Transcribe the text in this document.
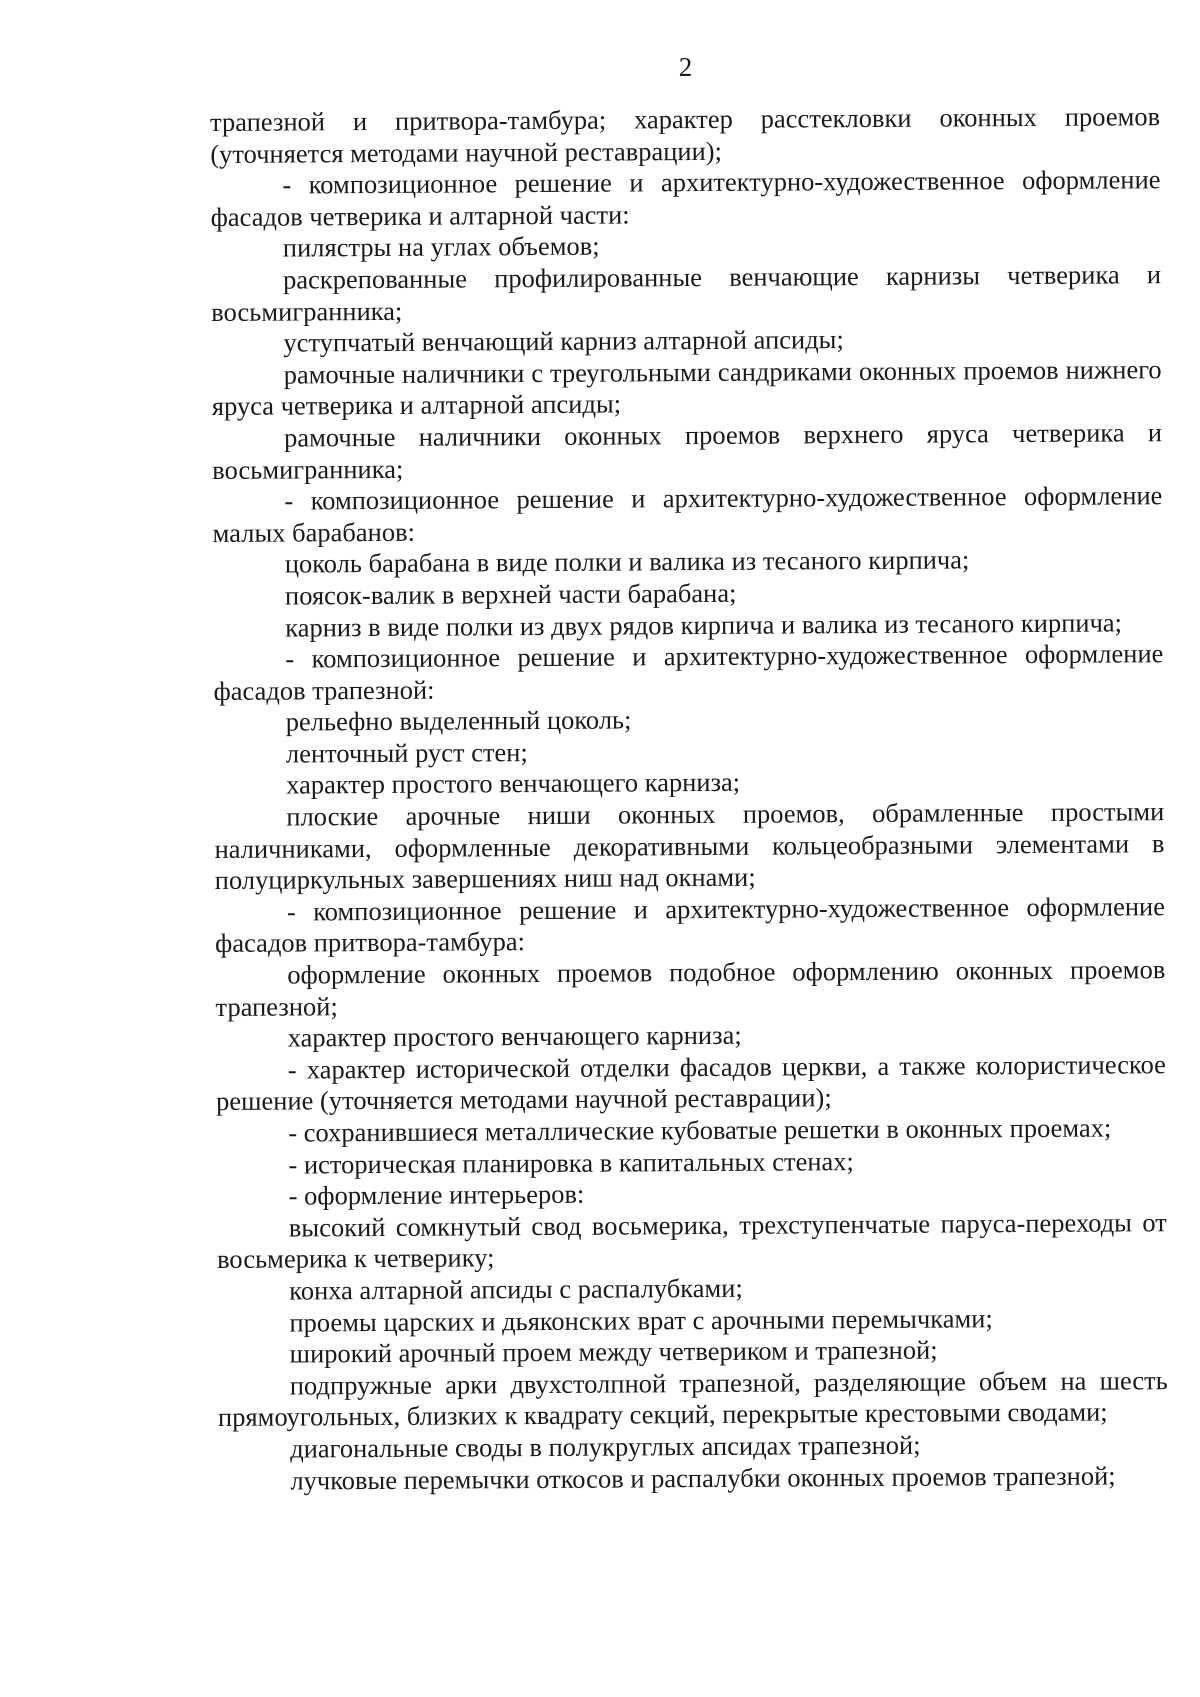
2

трапезной и притвора-тамбура; характер расстекловки оконных проемов (уточняется методами научной реставрации);

- композиционное решение и архитектурно-художественное оформление фасадов четверика и алтарной части:

пилястры на углах объемов;

раскрепованные профилированные венчающие карнизы четверика и восьмигранника;

уступчатый венчающий карниз алтарной апсиды;

рамочные наличники с треугольными сандриками оконных проемов нижнего яруса четверика и алтарной апсиды;

рамочные наличники оконных проемов верхнего яруса четверика и восьмигранника;

- композиционное решение и архитектурно-художественное оформление малых барабанов:

цоколь барабана в виде полки и валика из тесаного кирпича;

поясок-валик в верхней части барабана;

карниз в виде полки из двух рядов кирпича и валика из тесаного кирпича;

- композиционное решение и архитектурно-художественное оформление фасадов трапезной:

рельефно выделенный цоколь;

ленточный руст стен;

характер простого венчающего карниза;

плоские арочные ниши оконных проемов, обрамленные простыми наличниками, оформленные декоративными кольцеобразными элементами в полуциркульных завершениях ниш над окнами;

- композиционное решение и архитектурно-художественное оформление фасадов притвора-тамбура:

оформление оконных проемов подобное оформлению оконных проемов трапезной;

характер простого венчающего карниза;

- характер исторической отделки фасадов церкви, а также колористическое решение (уточняется методами научной реставрации);

- сохранившиеся металлические кубоватые решетки в оконных проемах;

- историческая планировка в капитальных стенах;

- оформление интерьеров:

высокий сомкнутый свод восьмерика, трехступенчатые паруса-переходы от восьмерика к четверику;

конха алтарной апсиды с распалубками;

проемы царских и дьяконских врат с арочными перемычками;

широкий арочный проем между четвериком и трапезной;

подпружные арки двухстолпной трапезной, разделяющие объем на шесть прямоугольных, близких к квадрату секций, перекрытые крестовыми сводами;

диагональные своды в полукруглых апсидах трапезной;

лучковые перемычки откосов и распалубки оконных проемов трапезной;
